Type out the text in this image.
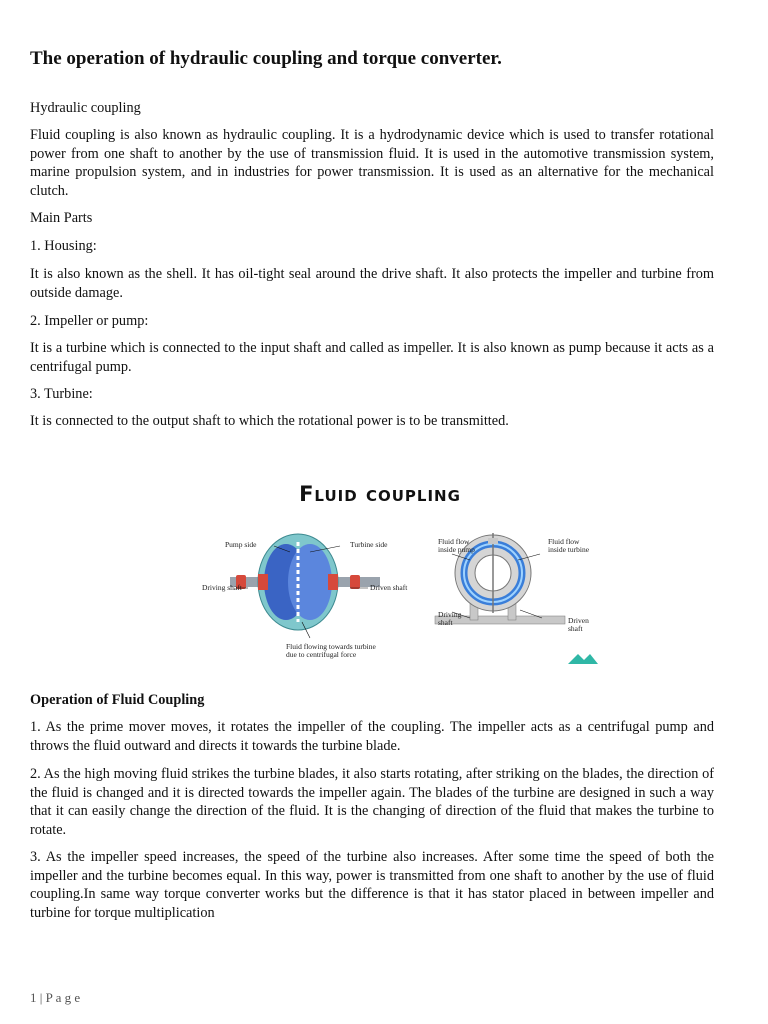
The operation of hydraulic coupling and torque converter.

Hydraulic coupling

Fluid coupling is also known as hydraulic coupling. It is a hydrodynamic device which is used to transfer rotational power from one shaft to another by the use of transmission fluid. It is used in the automotive transmission system, marine propulsion system, and in industries for power transmission. It is used as an alternative for the mechanical clutch.

Main Parts

1. Housing:

It is also known as the shell. It has oil-tight seal around the drive shaft. It also protects the impeller and turbine from outside damage.

2. Impeller or pump:

It is a turbine which is connected to the input shaft and called as impeller. It is also known as pump because it acts as a centrifugal pump.

3. Turbine:

It is connected to the output shaft to which the rotational power is to be transmitted.

Fluid coupling
Pump side	Turbine side
Driving shaft	Driven shaft
Fluid flowing towards turbine
due to centrifugal force
Fluid flow
inside pump
Fluid flow
inside turbine
Driving
shaft	Driven
shaft

Operation of Fluid Coupling

1. As the prime mover moves, it rotates the impeller of the coupling. The impeller acts as a centrifugal pump and throws the fluid outward and directs it towards the turbine blade.

2. As the high moving fluid strikes the turbine blades, it also starts rotating, after striking on the blades, the direction of the fluid is changed and it is directed towards the impeller again. The blades of the turbine are designed in such a way that it can easily change the direction of the fluid. It is the changing of direction of the fluid that makes the turbine to rotate.

3. As the impeller speed increases, the speed of the turbine also increases. After some time the speed of both the impeller and the turbine becomes equal. In this way, power is transmitted from one shaft to another by the use of fluid coupling.In same way torque converter works but the difference is that it has stator placed in between impeller and turbine for torque multiplication

1 | P a g e
